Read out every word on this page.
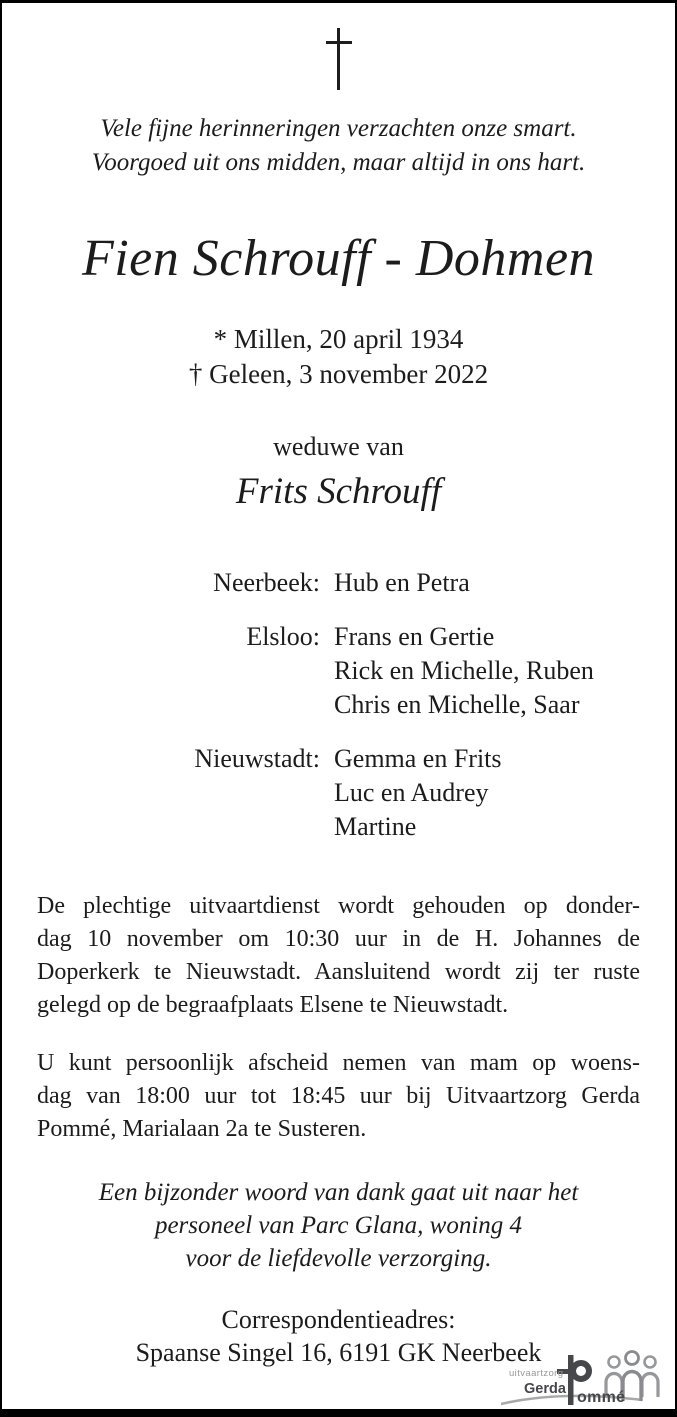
Vele fijne herinneringen verzachten onze smart.
Voorgoed uit ons midden, maar altijd in ons hart.
Fien Schrouff - Dohmen
* Millen, 20 april 1934
† Geleen, 3 november 2022
weduwe van
Frits Schrouff
Neerbeek: Hub en Petra
Elsloo: Frans en Gertie
Rick en Michelle, Ruben
Chris en Michelle, Saar
Nieuwstadt: Gemma en Frits
Luc en Audrey
Martine
De plechtige uitvaartdienst wordt gehouden op donder-
dag 10 november om 10:30 uur in de H. Johannes de
Doperkerk te Nieuwstadt. Aansluitend wordt zij ter ruste
gelegd op de begraafplaats Elsene te Nieuwstadt.
U kunt persoonlijk afscheid nemen van mam op woens-
dag van 18:00 uur tot 18:45 uur bij Uitvaartzorg Gerda
Pommé, Marialaan 2a te Susteren.
Een bijzonder woord van dank gaat uit naar het
personeel van Parc Glana, woning 4
voor de liefdevolle verzorging.
Correspondentieadres:
Spaanse Singel 16, 6191 GK Neerbeek
uitvaartzorg
Gerda ommé
